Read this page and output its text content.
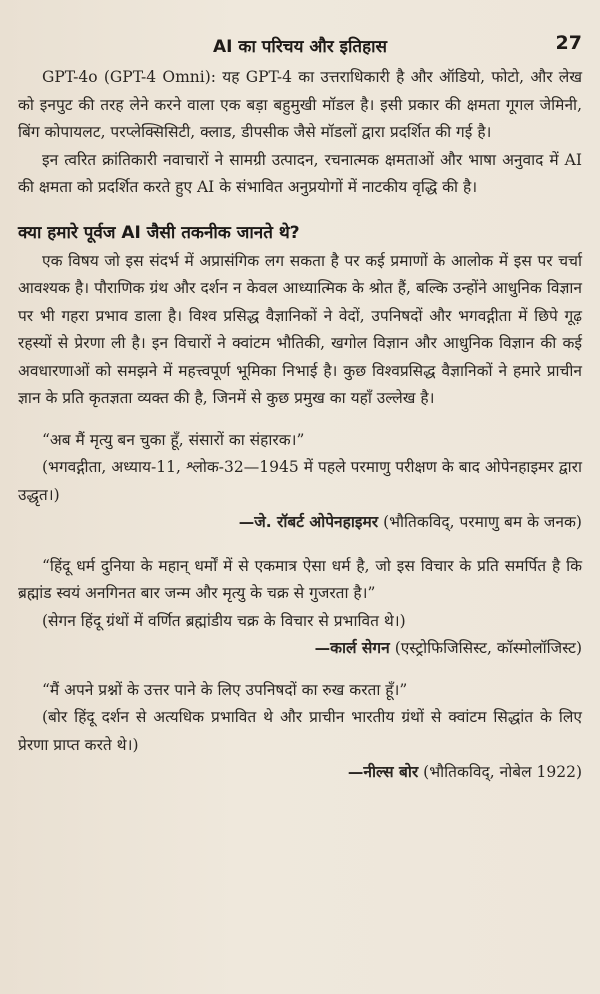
AI का परिचय और इतिहास	27

GPT-4o (GPT-4 Omni): यह GPT-4 का उत्तराधिकारी है और ऑडियो, फोटो, और लेख को इनपुट की तरह लेने करने वाला एक बड़ा बहुमुखी मॉडल है। इसी प्रकार की क्षमता गूगल जेमिनी, बिंग कोपायलट, परप्लेक्सिसिटी, क्लाड, डीपसीक जैसे मॉडलों द्वारा प्रदर्शित की गई है।

इन त्वरित क्रांतिकारी नवाचारों ने सामग्री उत्पादन, रचनात्मक क्षमताओं और भाषा अनुवाद में AI की क्षमता को प्रदर्शित करते हुए AI के संभावित अनुप्रयोगों में नाटकीय वृद्धि की है।

क्या हमारे पूर्वज AI जैसी तकनीक जानते थे?

एक विषय जो इस संदर्भ में अप्रासंगिक लग सकता है पर कई प्रमाणों के आलोक में इस पर चर्चा आवश्यक है। पौराणिक ग्रंथ और दर्शन न केवल आध्यात्मिक के श्रोत हैं, बल्कि उन्होंने आधुनिक विज्ञान पर भी गहरा प्रभाव डाला है। विश्व प्रसिद्ध वैज्ञानिकों ने वेदों, उपनिषदों और भगवद्गीता में छिपे गूढ़ रहस्यों से प्रेरणा ली है। इन विचारों ने क्वांटम भौतिकी, खगोल विज्ञान और आधुनिक विज्ञान की कई अवधारणाओं को समझने में महत्त्वपूर्ण भूमिका निभाई है। कुछ विश्वप्रसिद्ध वैज्ञानिकों ने हमारे प्राचीन ज्ञान के प्रति कृतज्ञता व्यक्त की है, जिनमें से कुछ प्रमुख का यहाँ उल्लेख है।

“अब मैं मृत्यु बन चुका हूँ, संसारों का संहारक।”

(भगवद्गीता, अध्याय-11, श्लोक-32—1945 में पहले परमाणु परीक्षण के बाद ओपेनहाइमर द्वारा उद्धृत।)

—जे. रॉबर्ट ओपेनहाइमर (भौतिकविद्, परमाणु बम के जनक)

“हिंदू धर्म दुनिया के महान् धर्मों में से एकमात्र ऐसा धर्म है, जो इस विचार के प्रति समर्पित है कि ब्रह्मांड स्वयं अनगिनत बार जन्म और मृत्यु के चक्र से गुजरता है।”

(सेगन हिंदू ग्रंथों में वर्णित ब्रह्मांडीय चक्र के विचार से प्रभावित थे।)

—कार्ल सेगन (एस्ट्रोफिजिसिस्ट, कॉस्मोलॉजिस्ट)

“मैं अपने प्रश्नों के उत्तर पाने के लिए उपनिषदों का रुख करता हूँ।”

(बोर हिंदू दर्शन से अत्यधिक प्रभावित थे और प्राचीन भारतीय ग्रंथों से क्वांटम सिद्धांत के लिए प्रेरणा प्राप्त करते थे।)

—नील्स बोर (भौतिकविद्, नोबेल 1922)
